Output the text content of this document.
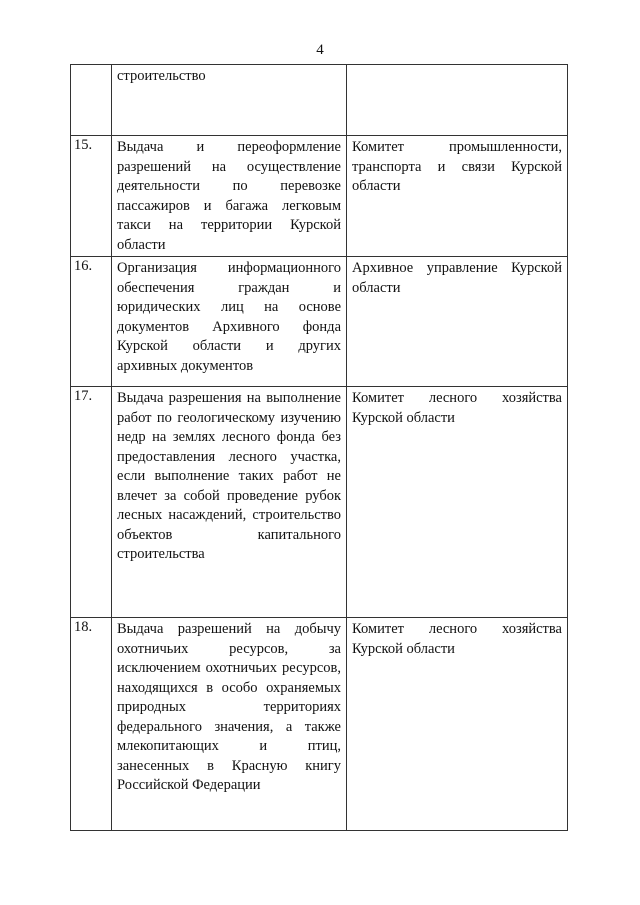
4
	строительство	
15.	Выдача и переоформление разрешений на осуществление деятельности по перевозке пассажиров и багажа легковым такси на территории Курской области	Комитет промышленности, транспорта и связи Курской области
16.	Организация информационного обеспечения граждан и юридических лиц на основе документов Архивного фонда Курской области и других архивных документов	Архивное управление Курской области
17.	Выдача разрешения на выполнение работ по геологическому изучению недр на землях лесного фонда без предоставления лесного участка, если выполнение таких работ не влечет за собой проведение рубок лесных насаждений, строительство объектов капитального строительства	Комитет лесного хозяйства Курской области
18.	Выдача разрешений на добычу охотничьих ресурсов, за исключением охотничьих ресурсов, находящихся в особо охраняемых природных территориях федерального значения, а также млекопитающих и птиц, занесенных в Красную книгу Российской Федерации	Комитет лесного хозяйства Курской области
